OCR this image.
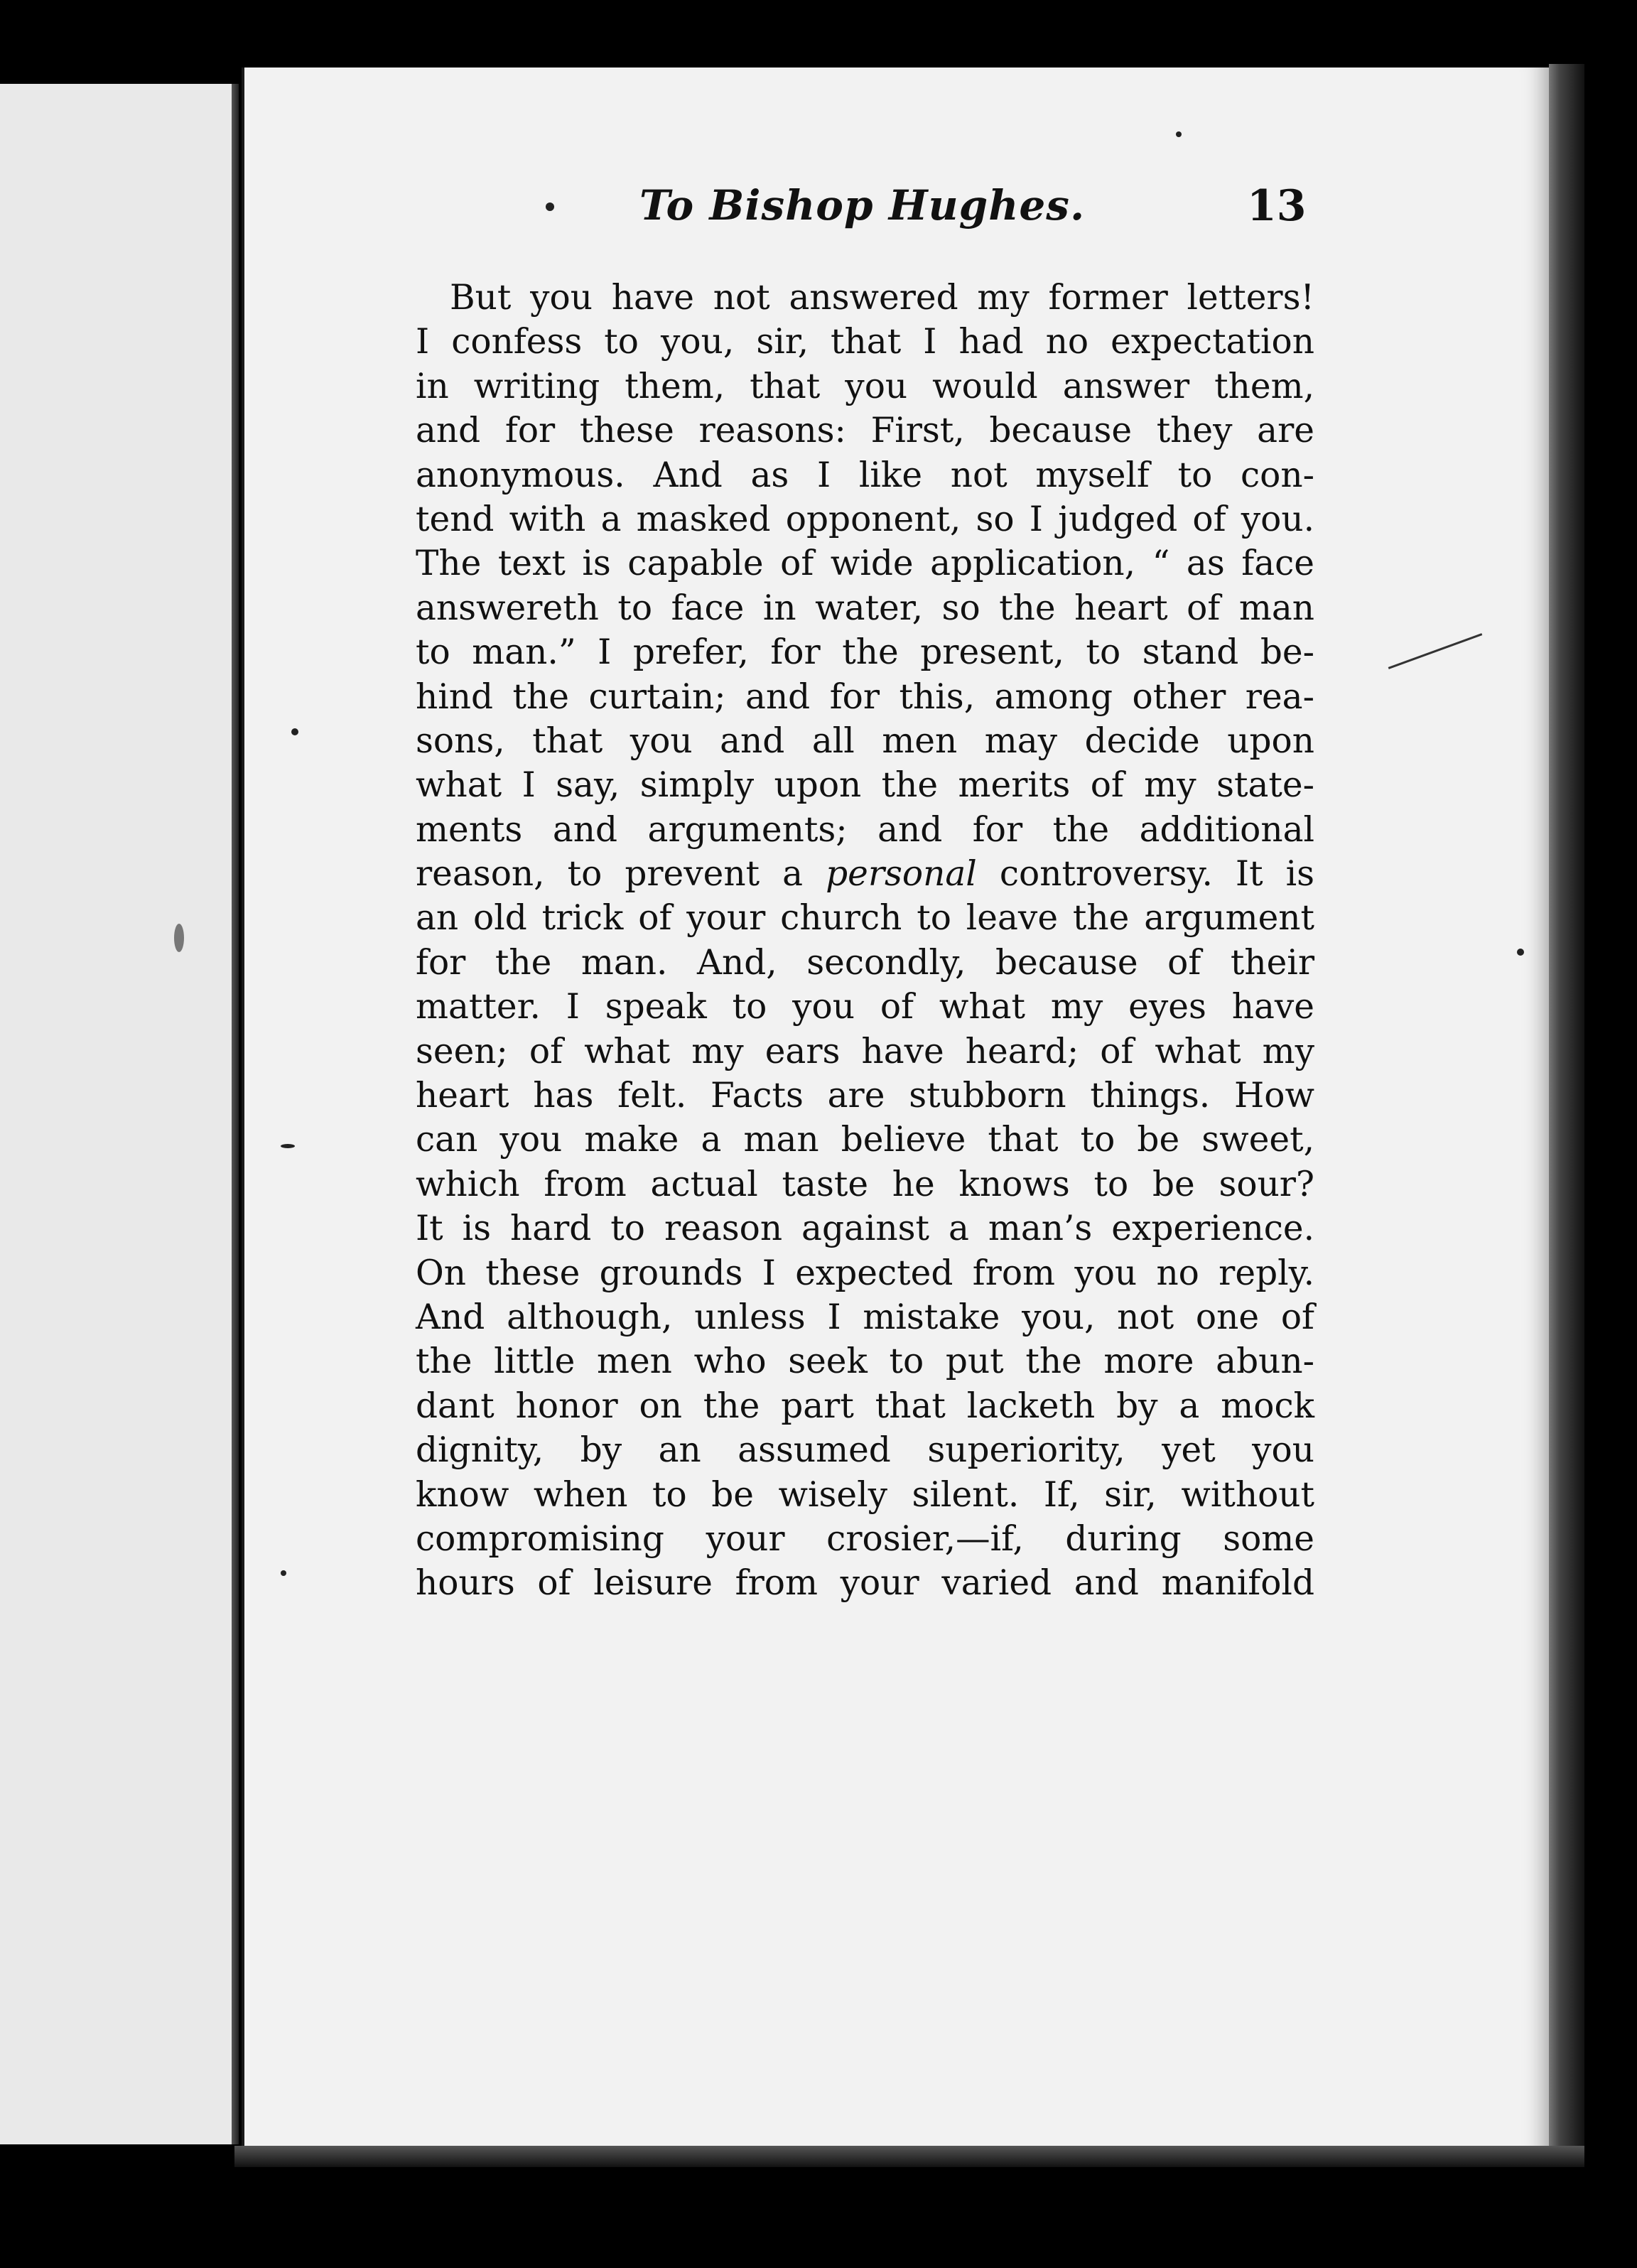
To Bishop Hughes.	13
But you have not answered my former letters!
I confess to you, sir, that I had no expectation
in writing them, that you would answer them,
and for these reasons: First, because they are
anonymous. And as I like not myself to con-
tend with a masked opponent, so I judged of you.
The text is capable of wide application, “ as face
answereth to face in water, so the heart of man
to man.” I prefer, for the present, to stand be-
hind the curtain; and for this, among other rea-
sons, that you and all men may decide upon
what I say, simply upon the merits of my state-
ments and arguments; and for the additional
reason, to prevent a personal controversy. It is
an old trick of your church to leave the argument
for the man. And, secondly, because of their
matter. I speak to you of what my eyes have
seen; of what my ears have heard; of what my
heart has felt. Facts are stubborn things. How
can you make a man believe that to be sweet,
which from actual taste he knows to be sour?
It is hard to reason against a man’s experience.
On these grounds I expected from you no reply.
And although, unless I mistake you, not one of
the little men who seek to put the more abun-
dant honor on the part that lacketh by a mock
dignity, by an assumed superiority, yet you
know when to be wisely silent. If, sir, without
compromising your crosier,—if, during some
hours of leisure from your varied and manifold
